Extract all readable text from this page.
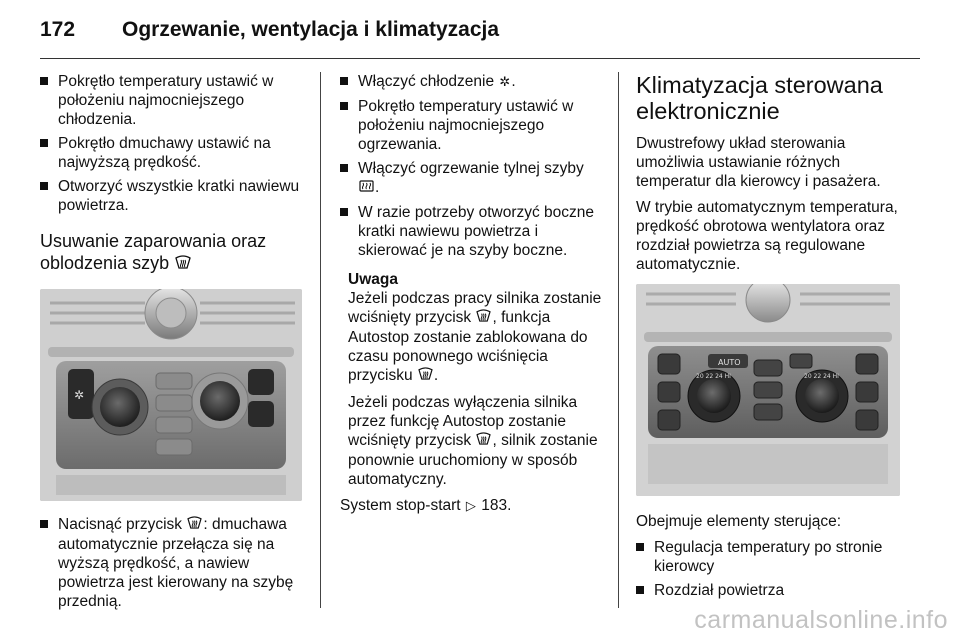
172 Ogrzewanie, wentylacja i klimatyzacja
Pokrętło temperatury ustawić w położeniu najmocniejszego chłodzenia.
Pokrętło dmuchawy ustawić na najwyższą prędkość.
Otworzyć wszystkie kratki nawiewu powietrza.
Usuwanie zaparowania oraz oblodzenia szyb
✲
Nacisnąć przycisk : dmuchawa automatycznie przełącza się na wyższą prędkość, a nawiew powietrza jest kierowany na szybę przednią.
Włączyć chłodzenie ✲.
Pokrętło temperatury ustawić w położeniu najmocniejszego ogrzewania.
Włączyć ogrzewanie tylnej szyby
.
W razie potrzeby otworzyć boczne kratki nawiewu powietrza i skierować je na szyby boczne.
Uwaga

Jeżeli podczas pracy silnika zostanie wciśnięty przycisk , funkcja Autostop zostanie zablokowana do czasu ponownego wciśnięcia przycisku .

Jeżeli podczas wyłączenia silnika przez funkcję Autostop zostanie wciśnięty przycisk , silnik zostanie ponownie uruchomiony w sposób automatyczny.

System stop-start ▷ 183.

Klimatyzacja sterowana elektronicznie

Dwustrefowy układ sterowania umożliwia ustawianie różnych temperatur dla kierowcy i pasażera.

W trybie automatycznym temperatura, prędkość obrotowa wentylatora oraz rozdział powietrza są regulowane automatycznie.

AUTO
20 22 24 HI	20 22 24 HI

Obejmuje elementy sterujące:

Regulacja temperatury po stronie kierowcy
Rozdział powietrza
carmanualsonline.info
